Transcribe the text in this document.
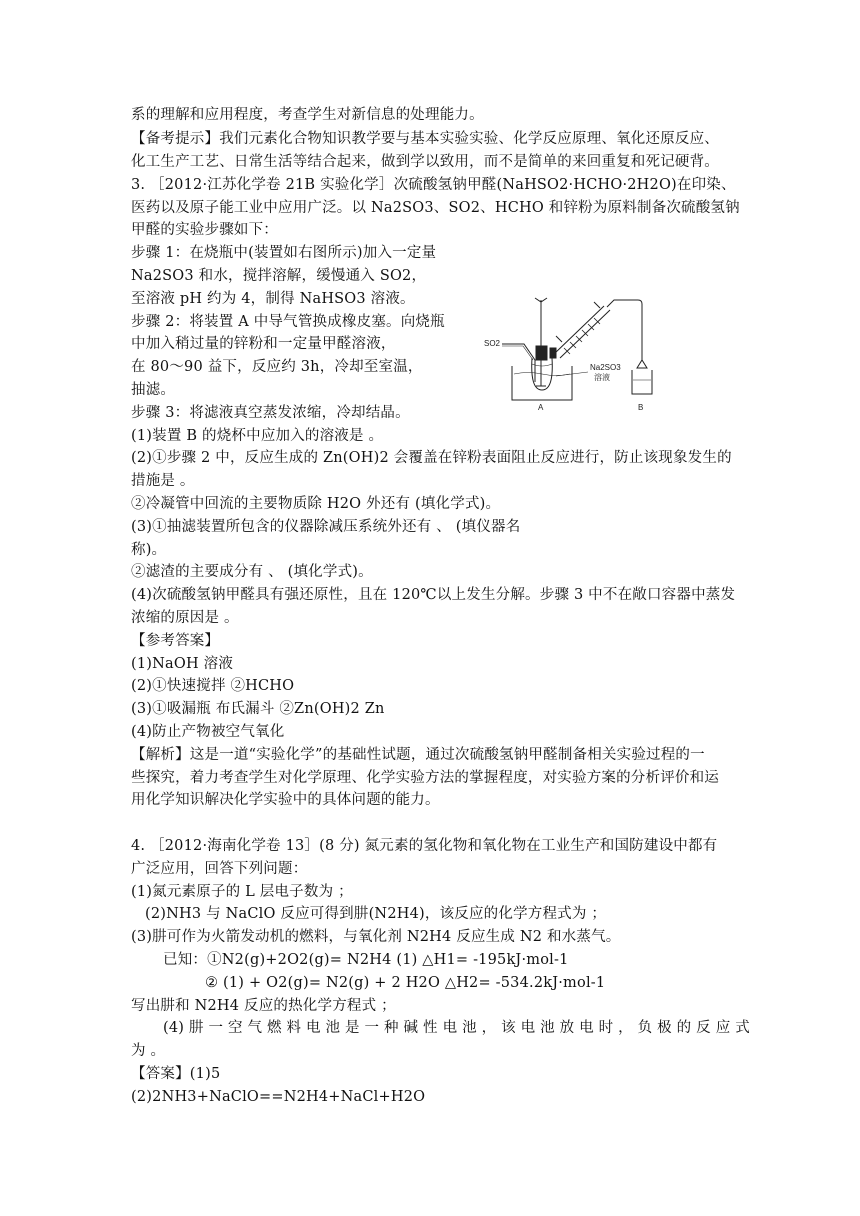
系的理解和应用程度，考查学生对新信息的处理能力。
【备考提示】我们元素化合物知识教学要与基本实验实验、化学反应原理、氧化还原反应、
化工生产工艺、日常生活等结合起来，做到学以致用，而不是简单的来回重复和死记硬背。
3. ［2012·江苏化学卷 21B 实验化学］次硫酸氢钠甲醛(NaHSO2·HCHO·2H2O)在印染、
医药以及原子能工业中应用广泛。以 Na2SO3、SO2、HCHO 和锌粉为原料制备次硫酸氢钠
甲醛的实验步骤如下：
步骤 1：在烧瓶中(装置如右图所示)加入一定量
Na2SO3 和水，搅拌溶解，缓慢通入 SO2，
至溶液 pH 约为 4，制得 NaHSO3 溶液。
步骤 2：将装置 A 中导气管换成橡皮塞。向烧瓶
中加入稍过量的锌粉和一定量甲醛溶液，
在 80～90 益下，反应约 3h，冷却至室温，
抽滤。
步骤 3：将滤液真空蒸发浓缩，冷却结晶。
(1)装置 B 的烧杯中应加入的溶液是 。
(2)①步骤 2 中，反应生成的 Zn(OH)2 会覆盖在锌粉表面阻止反应进行，防止该现象发生的
措施是 。
②冷凝管中回流的主要物质除 H2O 外还有 (填化学式)。
(3)①抽滤装置所包含的仪器除减压系统外还有 、 (填仪器名
称)。
②滤渣的主要成分有 、 (填化学式)。
(4)次硫酸氢钠甲醛具有强还原性，且在 120℃以上发生分解。步骤 3 中不在敞口容器中蒸发
浓缩的原因是 。
【参考答案】
(1)NaOH 溶液
(2)①快速搅拌 ②HCHO
(3)①吸漏瓶 布氏漏斗 ②Zn(OH)2 Zn
(4)防止产物被空气氧化
【解析】这是一道“实验化学”的基础性试题，通过次硫酸氢钠甲醛制备相关实验过程的一
些探究，着力考查学生对化学原理、化学实验方法的掌握程度，对实验方案的分析评价和运
用化学知识解决化学实验中的具体问题的能力。
4. ［2012·海南化学卷 13］(8 分) 氮元素的氢化物和氧化物在工业生产和国防建设中都有
广泛应用，回答下列问题：
(1)氮元素原子的 L 层电子数为 ；
(2)NH3 与 NaClO 反应可得到肼(N2H4)，该反应的化学方程式为 ；
(3)肼可作为火箭发动机的燃料，与氧化剂 N2H4 反应生成 N2 和水蒸气。
已知：①N2(g)+2O2(g)= N2H4 (1) △H1= -195kJ·mol-1
② (1) + O2(g)= N2(g) + 2 H2O △H2= -534.2kJ·mol-1
写出肼和 N2H4 反应的热化学方程式 ；
(4) 肼 一 空 气 燃 料 电 池 是 一 种 碱 性 电 池 ， 该 电 池 放 电 时 ， 负 极 的 反 应 式
为 。
【答案】(1)5
(2)2NH3+NaClO==N2H4+NaCl+H2O
SO2
Na2SO3
溶液
A	B
